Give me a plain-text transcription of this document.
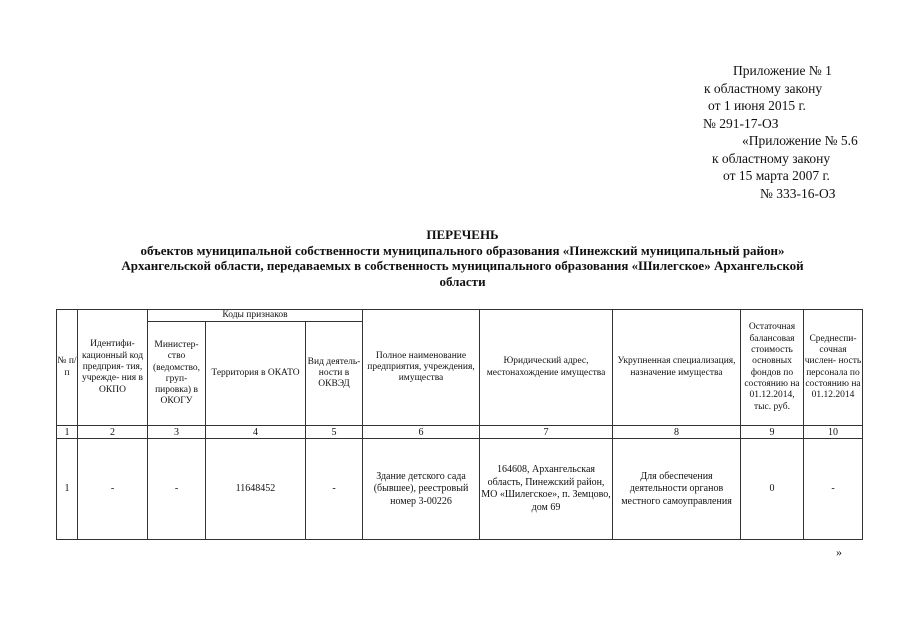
Приложение № 1
к областному закону
от 1 июня 2015 г.
№ 291-17-ОЗ
«Приложение № 5.6
к областному закону
от 15 марта 2007 г.
№ 333-16-ОЗ
ПЕРЕЧЕНЬ
объектов муниципальной собственности муниципального образования «Пинежский муниципальный район»
Архангельской области, передаваемых в собственность муниципального образования «Шилегское» Архангельской
области
№ п/п	Идентифи- кационный код предприя- тия, учрежде- ния в ОКПО	Коды признаков			Полное наименование предприятия, учреждения, имущества	Юридический адрес, местонахождение имущества	Укрупненная специализация, назначение имущества	Остаточная балансовая стоимость основных фондов по состоянию на 01.12.2014, тыс. руб.	Среднеспи- сочная числен- ность персонала по состоянию на 01.12.2014
		Министер- ство (ведомство, груп- пировка) в ОКОГУ	Территория в ОКАТО	Вид деятель- ности в ОКВЭД					
1	2	3	4	5	6	7	8	9	10
1	-	-	11648452	-	Здание детского сада (бывшее), реестровый номер 3-00226	164608, Архангельская область, Пинежский район, МО «Шилегское», п. Земцово, дом 69	Для обеспечения деятельности органов местного самоуправления	0	-
»
